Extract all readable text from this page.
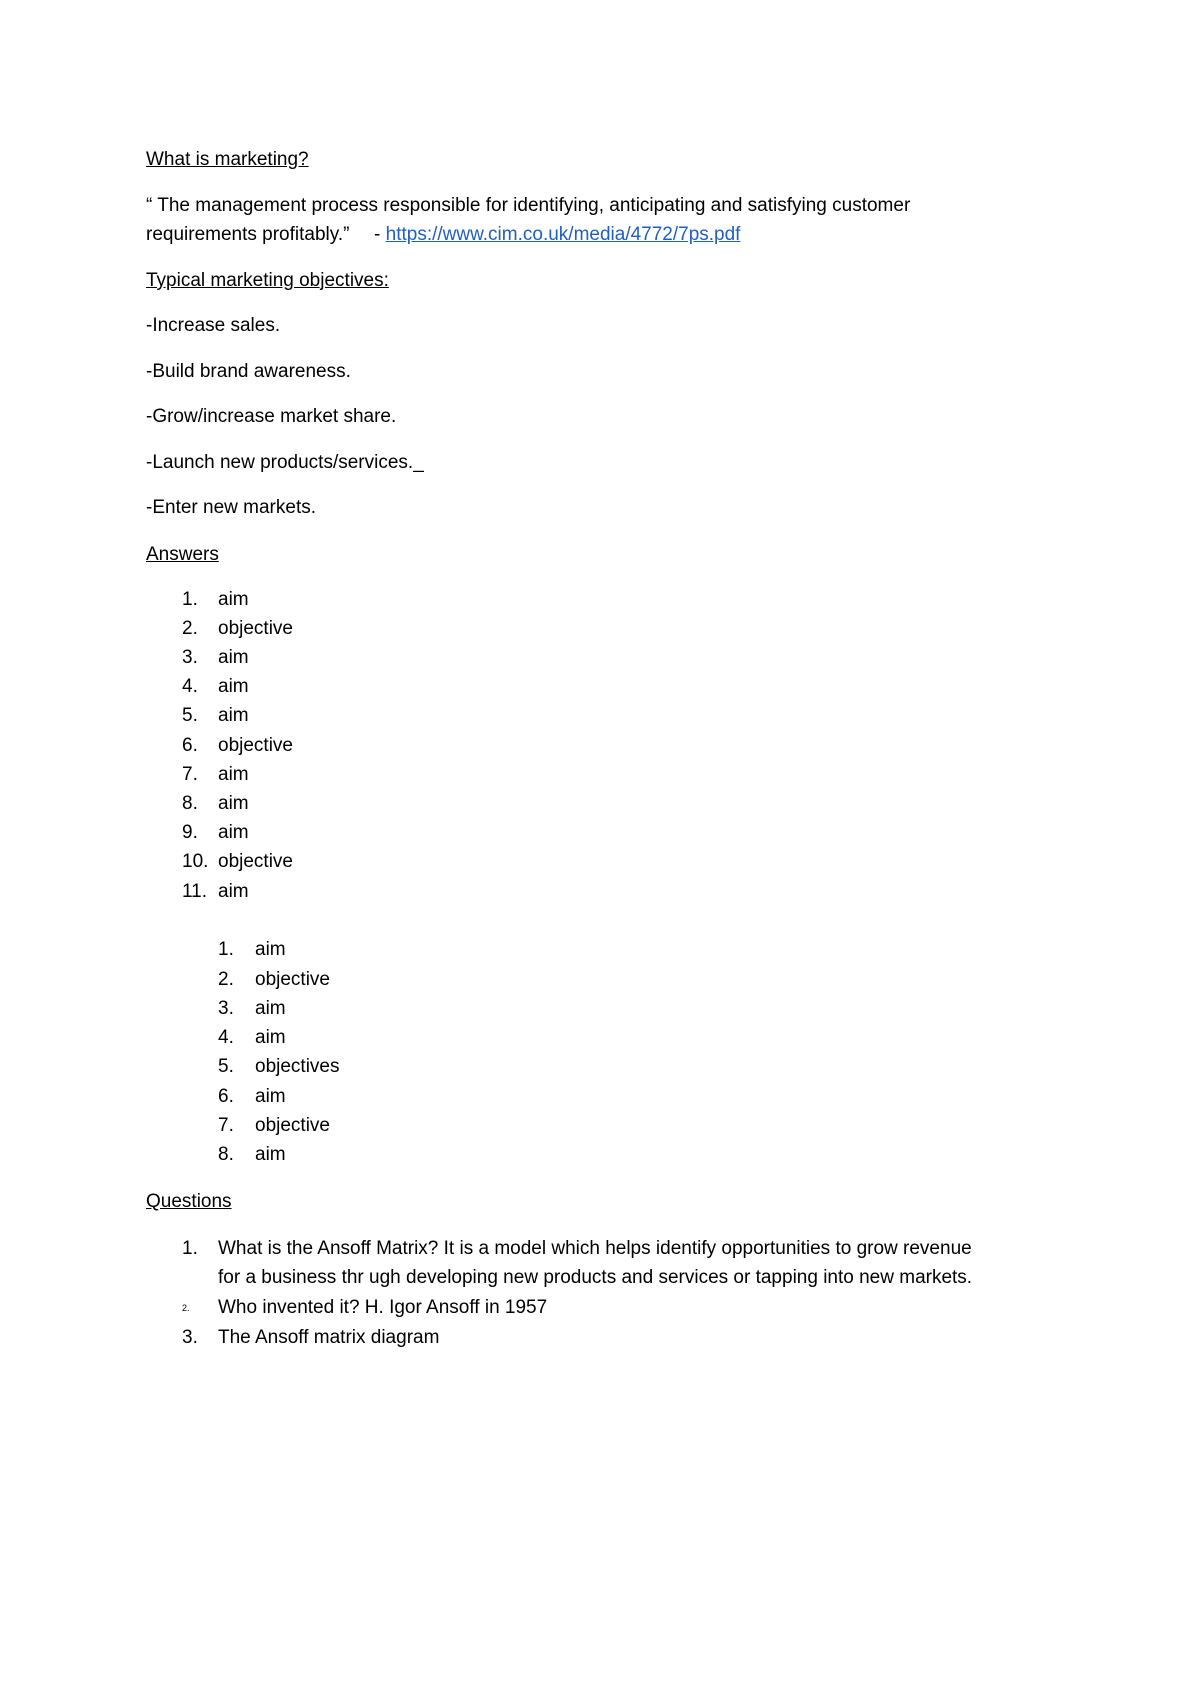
What is marketing?
“ The management process responsible for identifying, anticipating and satisfying customer
requirements profitably.” - https://www.cim.co.uk/media/4772/7ps.pdf
Typical marketing objectives:
-Increase sales.
-Build brand awareness.
-Grow/increase market share.
-Launch new products/services._
-Enter new markets.
Answers
1. aim
2. objective
3. aim
4. aim
5. aim
6. objective
7. aim
8. aim
9. aim
10. objective
11. aim
1. aim
2. objective
3. aim
4. aim
5. objectives
6. aim
7. objective
8. aim
Questions
1. What is the Ansoff Matrix? It is a model which helps identify opportunities to grow revenue
for a business thr ugh developing new products and services or tapping into new markets.
2. Who invented it? H. Igor Ansoff in 1957
3. The Ansoff matrix diagram
